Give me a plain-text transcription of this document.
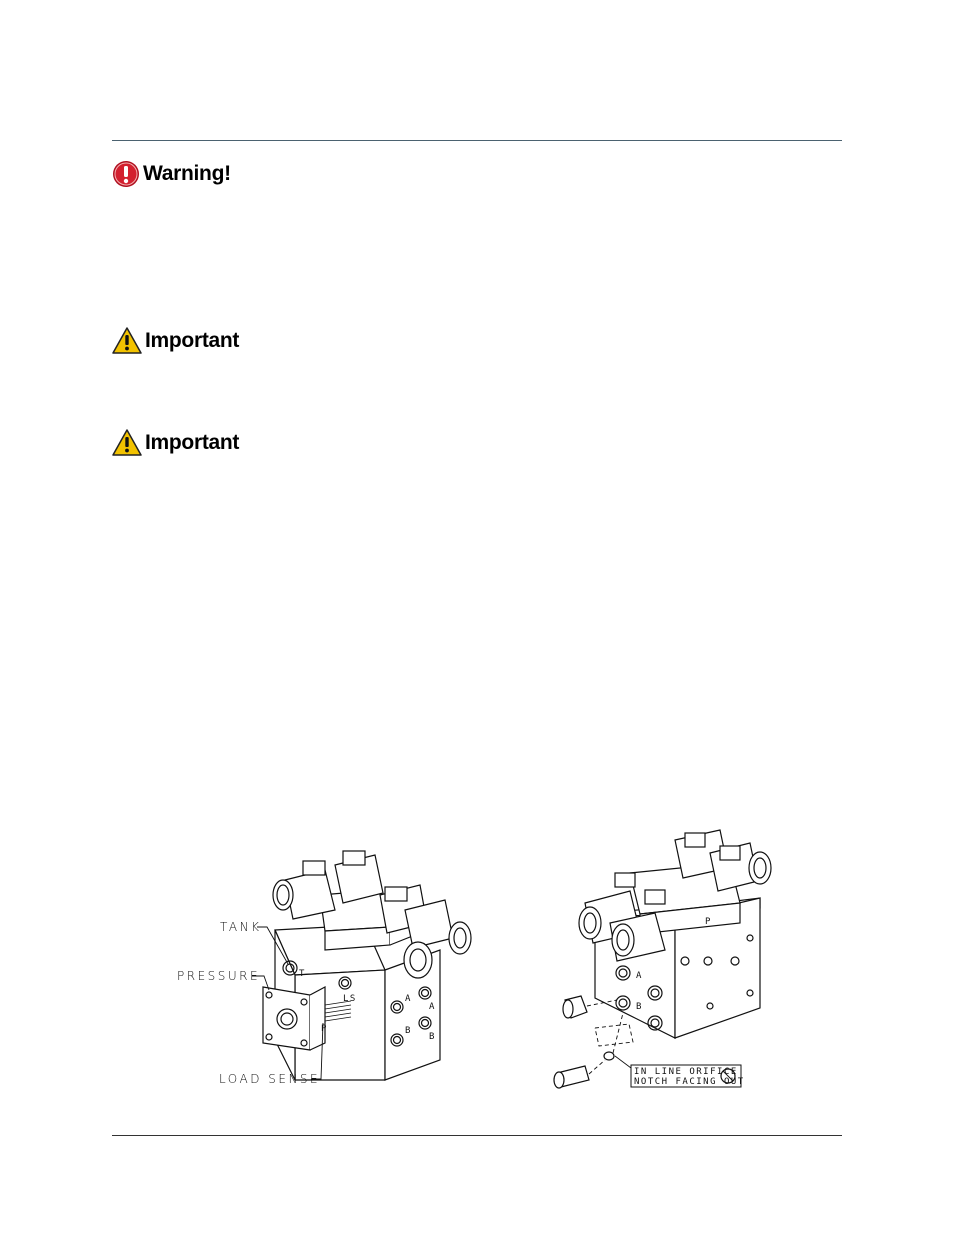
Warning!
Important
Important
TANK
PRESSURE
LOAD SENSE
T
LS
P
A
B
A
B
IN LINE ORIFICE
NOTCH FACING OUT
P
A
B
